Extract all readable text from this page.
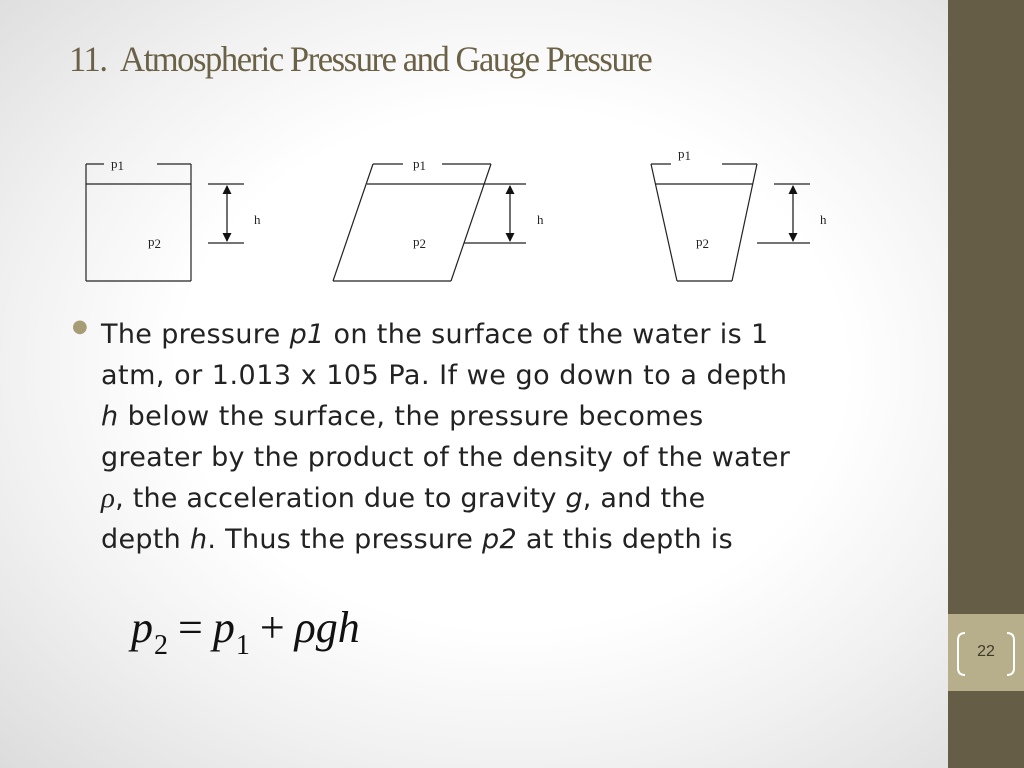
22
11. Atmospheric Pressure and Gauge Pressure
p1
p2
h
p1
p2
h
p1
p2
h
● The pressure p1 on the surface of the water is 1
atm, or 1.013 x 105 Pa. If we go down to a depth
h below the surface, the pressure becomes
greater by the product of the density of the water
ρ, the acceleration due to gravity g, and the
depth h. Thus the pressure p2 at this depth is
$p_2 = p_1 + \rho gh$
